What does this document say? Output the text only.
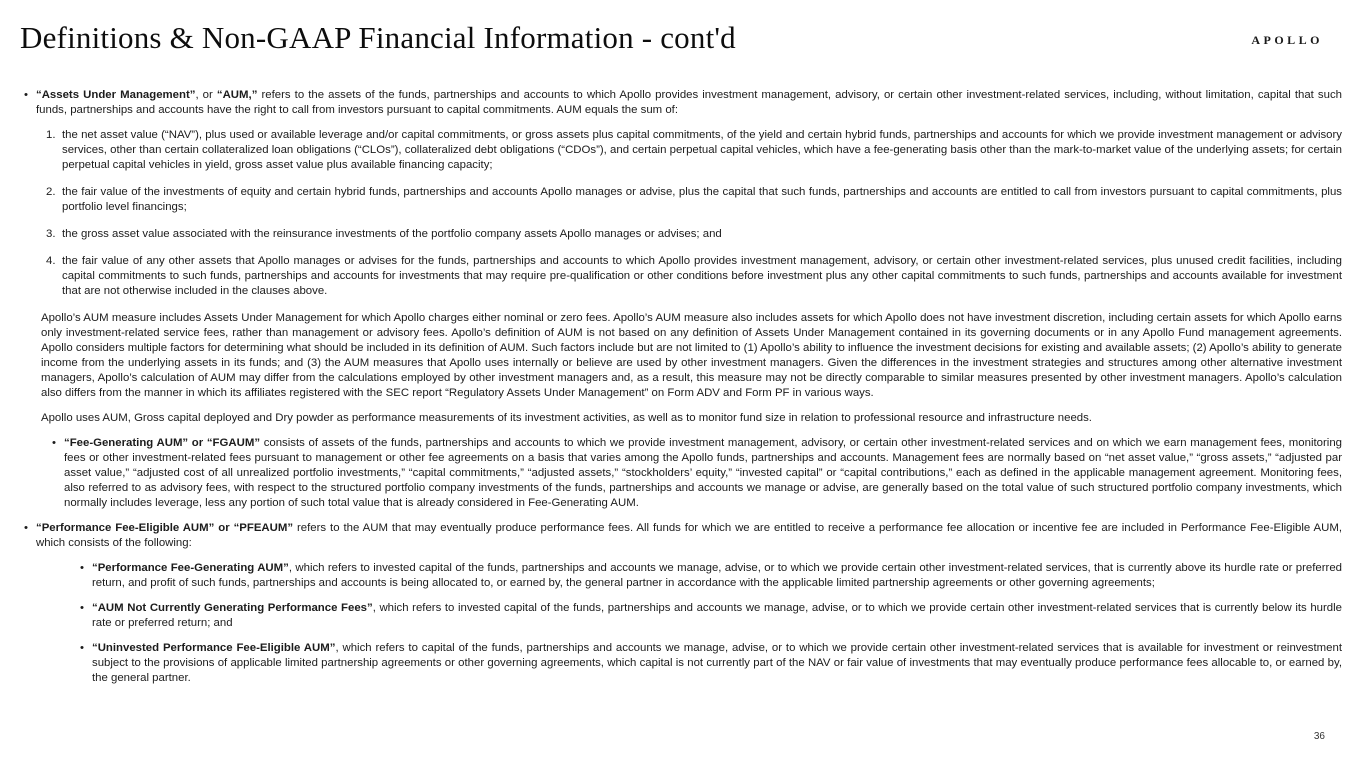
Definitions & Non-GAAP Financial Information - cont'd	APOLLO
• “Assets Under Management”, or “AUM,” refers to the assets of the funds, partnerships and accounts to which Apollo provides investment management, advisory, or certain other investment-related services, including, without limitation, capital that such funds, partnerships and accounts have the right to call from investors pursuant to capital commitments. AUM equals the sum of:
1. the net asset value (“NAV”), plus used or available leverage and/or capital commitments, or gross assets plus capital commitments, of the yield and certain hybrid funds, partnerships and accounts for which we provide investment management or advisory services, other than certain collateralized loan obligations (“CLOs”), collateralized debt obligations (“CDOs”), and certain perpetual capital vehicles, which have a fee-generating basis other than the mark-to-market value of the underlying assets; for certain perpetual capital vehicles in yield, gross asset value plus available financing capacity;
2. the fair value of the investments of equity and certain hybrid funds, partnerships and accounts Apollo manages or advise, plus the capital that such funds, partnerships and accounts are entitled to call from investors pursuant to capital commitments, plus portfolio level financings;
3. the gross asset value associated with the reinsurance investments of the portfolio company assets Apollo manages or advises; and
4. the fair value of any other assets that Apollo manages or advises for the funds, partnerships and accounts to which Apollo provides investment management, advisory, or certain other investment-related services, plus unused credit facilities, including capital commitments to such funds, partnerships and accounts for investments that may require pre-qualification or other conditions before investment plus any other capital commitments to such funds, partnerships and accounts available for investment that are not otherwise included in the clauses above.
Apollo’s AUM measure includes Assets Under Management for which Apollo charges either nominal or zero fees. Apollo’s AUM measure also includes assets for which Apollo does not have investment discretion, including certain assets for which Apollo earns only investment-related service fees, rather than management or advisory fees. Apollo’s definition of AUM is not based on any definition of Assets Under Management contained in its governing documents or in any Apollo Fund management agreements. Apollo considers multiple factors for determining what should be included in its definition of AUM. Such factors include but are not limited to (1) Apollo’s ability to influence the investment decisions for existing and available assets; (2) Apollo’s ability to generate income from the underlying assets in its funds; and (3) the AUM measures that Apollo uses internally or believe are used by other investment managers. Given the differences in the investment strategies and structures among other alternative investment managers, Apollo’s calculation of AUM may differ from the calculations employed by other investment managers and, as a result, this measure may not be directly comparable to similar measures presented by other investment managers. Apollo’s calculation also differs from the manner in which its affiliates registered with the SEC report “Regulatory Assets Under Management” on Form ADV and Form PF in various ways.
Apollo uses AUM, Gross capital deployed and Dry powder as performance measurements of its investment activities, as well as to monitor fund size in relation to professional resource and infrastructure needs.
• “Fee-Generating AUM” or “FGAUM” consists of assets of the funds, partnerships and accounts to which we provide investment management, advisory, or certain other investment-related services and on which we earn management fees, monitoring fees or other investment-related fees pursuant to management or other fee agreements on a basis that varies among the Apollo funds, partnerships and accounts. Management fees are normally based on “net asset value,” “gross assets,” “adjusted par asset value,” “adjusted cost of all unrealized portfolio investments,” “capital commitments,” “adjusted assets,” “stockholders’ equity,” “invested capital” or “capital contributions,” each as defined in the applicable management agreement. Monitoring fees, also referred to as advisory fees, with respect to the structured portfolio company investments of the funds, partnerships and accounts we manage or advise, are generally based on the total value of such structured portfolio company investments, which normally includes leverage, less any portion of such total value that is already considered in Fee-Generating AUM.
• “Performance Fee-Eligible AUM” or “PFEAUM” refers to the AUM that may eventually produce performance fees. All funds for which we are entitled to receive a performance fee allocation or incentive fee are included in Performance Fee-Eligible AUM, which consists of the following:
• “Performance Fee-Generating AUM”, which refers to invested capital of the funds, partnerships and accounts we manage, advise, or to which we provide certain other investment-related services, that is currently above its hurdle rate or preferred return, and profit of such funds, partnerships and accounts is being allocated to, or earned by, the general partner in accordance with the applicable limited partnership agreements or other governing agreements;
• “AUM Not Currently Generating Performance Fees”, which refers to invested capital of the funds, partnerships and accounts we manage, advise, or to which we provide certain other investment-related services that is currently below its hurdle rate or preferred return; and
• “Uninvested Performance Fee-Eligible AUM”, which refers to capital of the funds, partnerships and accounts we manage, advise, or to which we provide certain other investment-related services that is available for investment or reinvestment subject to the provisions of applicable limited partnership agreements or other governing agreements, which capital is not currently part of the NAV or fair value of investments that may eventually produce performance fees allocable to, or earned by, the general partner.
36
